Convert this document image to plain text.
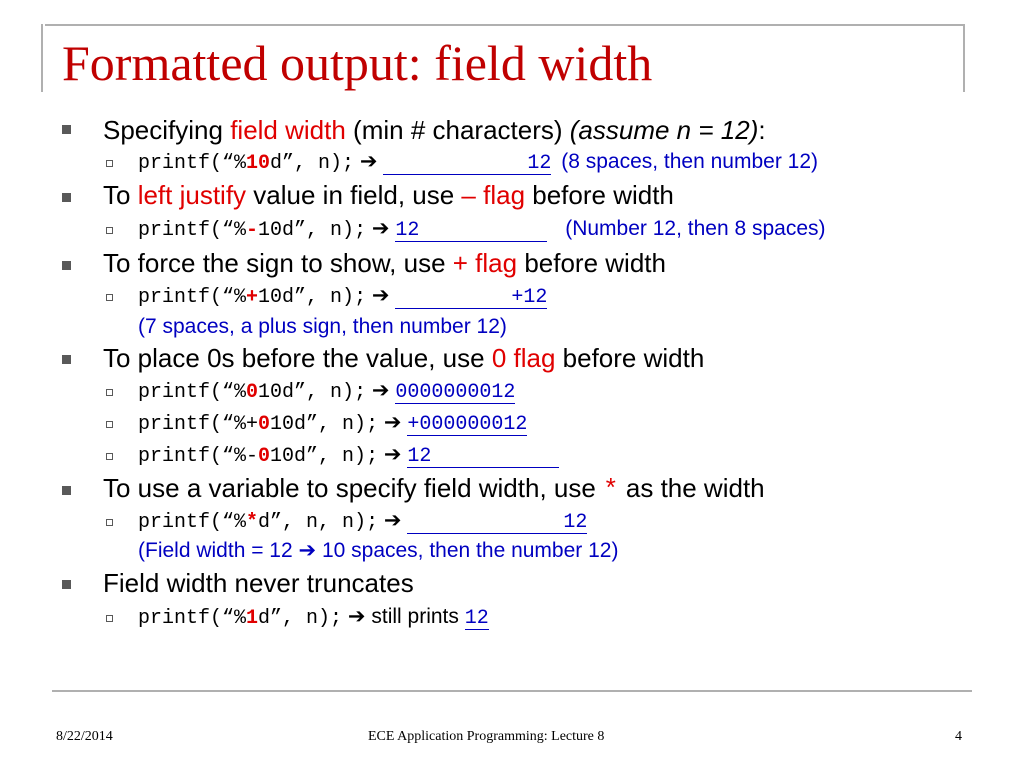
Formatted output: field width
Specifying field width (min # characters) (assume n = 12):
printf(“%10d”, n); ➔	12 (8 spaces, then number 12)
To left justify value in field, use – flag before width
printf(“%-10d”, n); ➔ 12	(Number 12, then 8 spaces)
To force the sign to show, use + flag before width
printf(“%+10d”, n); ➔	+12
(7 spaces, a plus sign, then number 12)
To place 0s before the value, use 0 flag before width
printf(“%010d”, n); ➔ 0000000012
printf(“%+010d”, n); ➔ +000000012
printf(“%-010d”, n); ➔ 12
To use a variable to specify field width, use * as the width
printf(“%*d”, n, n); ➔	12
(Field width = 12 ➔ 10 spaces, then the number 12)
Field width never truncates
printf(“%1d”, n); ➔ still prints 12
8/22/2014	ECE Application Programming: Lecture 8	4
